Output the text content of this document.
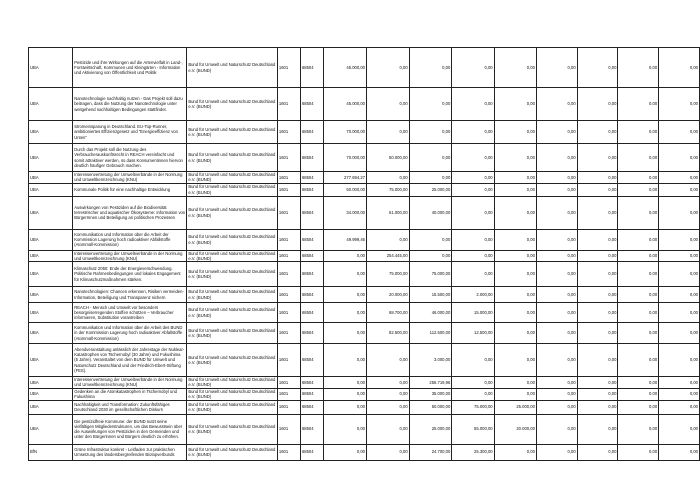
UBA	Pestizide und ihre Wirkungen auf die Artenvielfalt in Land-, Forstwirtschaft, Kommunen und Kleingärten - Information und Aktivierung von Öffentlichkeit und Politik	Bund für Umwelt und Naturschutz Deutschland e.V. (BUND)	1601	68504	45.000,00	0,00	0,00	0,00	0,00	0,00	0,00	0,00	0,00
UBA	Nanotechnologie nachhaltig nutzen - Das Projekt soll dazu beitragen, dass die Nutzung der Nanotechnologie unter weitgehend nachhaltigen Bedingungen stattfindet.	Bund für Umwelt und Naturschutz Deutschland e.V. (BUND)	1601	68504	45.000,00	0,00	0,00	0,00	0,00	0,00	0,00	0,00	0,00
UBA	Stromeinsparung in Deutschland. EU-Top-Runner, ambitioniertes Effizienzgesetz und "Energieeffizienz von Unten"	Bund für Umwelt und Naturschutz Deutschland e.V. (BUND)	1601	68504	70.000,00	0,00	0,00	0,00	0,00	0,00	0,00	0,00	0,00
UBA	Durch das Projekt soll die Nutzung des Verbraucherauskunftsrecht in REACH vereinfacht und somit attraktiver werden, so dass Konsumentinnen hiervon deutlich häufiger Gebrauch machen.	Bund für Umwelt und Naturschutz Deutschland e.V. (BUND)	1601	68504	70.000,00	50.000,00	0,00	0,00	0,00	0,00	0,00	0,00	0,00
UBA	Interessenvertretung der Umweltverbände in der Normung und Umweltkennzeichnung (KNU)	Bund für Umwelt und Naturschutz Deutschland e.V. (BUND)	1601	68504	277.694,27	0,00	0,00	0,00	0,00	0,00	0,00	0,00	0,00
UBA	Kommunale Politik für eine nachhaltige Entwicklung	Bund für Umwelt und Naturschutz Deutschland e.V. (BUND)	1601	68504	50.000,00	75.000,00	25.000,00	0,00	0,00	0,00	0,00	0,00	0,00
UBA	Auswirkungen von Pestiziden auf die Biodiversität terrestrischer und aquatischer Ökosysteme: Information von BürgerInnen und Beteiligung an politischen Prozessen	Bund für Umwelt und Naturschutz Deutschland e.V. (BUND)	1601	68504	34.000,00	61.000,00	40.000,00	0,00	0,00	0,00	0,00	0,00	0,00
UBA	Kommunikation und Information über die Arbeit der Kommission Lagerung hoch radioaktiver Abfallstoffe (Atommüll-Kommission)	Bund für Umwelt und Naturschutz Deutschland e.V. (BUND)	1601	68504	49.999,46	0,00	0,00	0,00	0,00	0,00	0,00	0,00	0,00
UBA	Interessenvertretung der Umweltverbände in der Normung und Umweltkennzeichnung (KNU)	Bund für Umwelt und Naturschutz Deutschland e.V. (BUND)	1601	68504	0,00	254.445,00	0,00	0,00	0,00	0,00	0,00	0,00	0,00
UBA	Klimaschutz 2050: Ende der Energieverschwendung. Politische Rahmenbedingungen und lokales Engagement für Klimaschutzmaßnahmen stärken.	Bund für Umwelt und Naturschutz Deutschland e.V. (BUND)	1601	68504	0,00	75.000,00	75.000,00	0,00	0,00	0,00	0,00	0,00	0,00
UBA	Nanotechnologien: Chancen erkennen, Risiken vermeiden- Information, Beteiligung und Transparenz sichern	Bund für Umwelt und Naturschutz Deutschland e.V. (BUND)	1601	68504	0,00	20.000,00	15.500,00	2.000,00	0,00	0,00	0,00	0,00	0,00
UBA	REACH - Mensch und Umwelt vor besonders besorgniserregenden Stoffen schützen – Verbraucher informieren, Substitution vorantreiben	Bund für Umwelt und Naturschutz Deutschland e.V. (BUND)	1601	68504	0,00	68.700,00	46.000,00	15.000,00	0,00	0,00	0,00	0,00	0,00
UBA	Kommunikation und Information über die Arbeit des BUND in der Kommission Lagerung hoch radioaktiver Abfallstoffe (Atommüll-Kommission)	Bund für Umwelt und Naturschutz Deutschland e.V. (BUND)	1601	68504	0,00	82.500,00	112.500,00	12.500,00	0,00	0,00	0,00	0,00	0,00
UBA	Abendveranstaltung anlässlich der Jahrestage der Nuklear-Katastrophen von Tschernobyl (30 Jahre) und Fukushima (5 Jahre). Veranstaltet von dem BUND für Umwelt und Naturschutz Deutschland und der Friedrich-Ebert-Stiftung (FES).	Bund für Umwelt und Naturschutz Deutschland e.V. (BUND)	1601	68504	0,00	0,00	3.000,00	0,00	0,00	0,00	0,00	0,00	0,00
UBA	Interessenvertretung der Umweltverbände in der Normung und Umweltkennzeichnung (KNU)	Bund für Umwelt und Naturschutz Deutschland e.V. (BUND)	1601	68504	0,00	0,00	256.719,96	0,00	0,00	0,00	0,00	0,00	0,00
UBA	Gedenken an die Atomkatastrophen in Tschernobyl und Fukushima	Bund für Umwelt und Naturschutz Deutschland e.V. (BUND)	1601	68504	0,00	0,00	35.000,00	0,00	0,00	0,00	0,00	0,00	0,00
UBA	Nachhaltigkeit und Transformation: Zukunftsfähiges Deutschland 2030 im gesellschaftlichen Diskurs	Bund für Umwelt und Naturschutz Deutschland e.V. (BUND)	1601	68504	0,00	0,00	50.000,00	75.000,00	25.000,00	0,00	0,00	0,00	0,00
UBA	Die pestizidfreie Kommune: der BUND nutzt seine vielfältigen Mitgliederstrukturen, um das Bewusstsein über die Auswirkungen von Pestiziden in den Gemeinden und unter den Bürgerinnen und Bürgern deutlich zu erhöhen.	Bund für Umwelt und Naturschutz Deutschland e.V. (BUND)	1601	68504	0,00	0,00	25.000,00	55.000,00	20.000,00	0,00	0,00	0,00	0,00
BfN	Grüne Infrastruktur konkret - Leitfaden zur praktischen Umsetzung des länderübergreifenden Biotopverbunds	Bund für Umwelt und Naturschutz Deutschland e.V. (BUND)	1601	68504	0,00	0,00	24.700,00	25.300,00	0,00	0,00	0,00	0,00	0,00
